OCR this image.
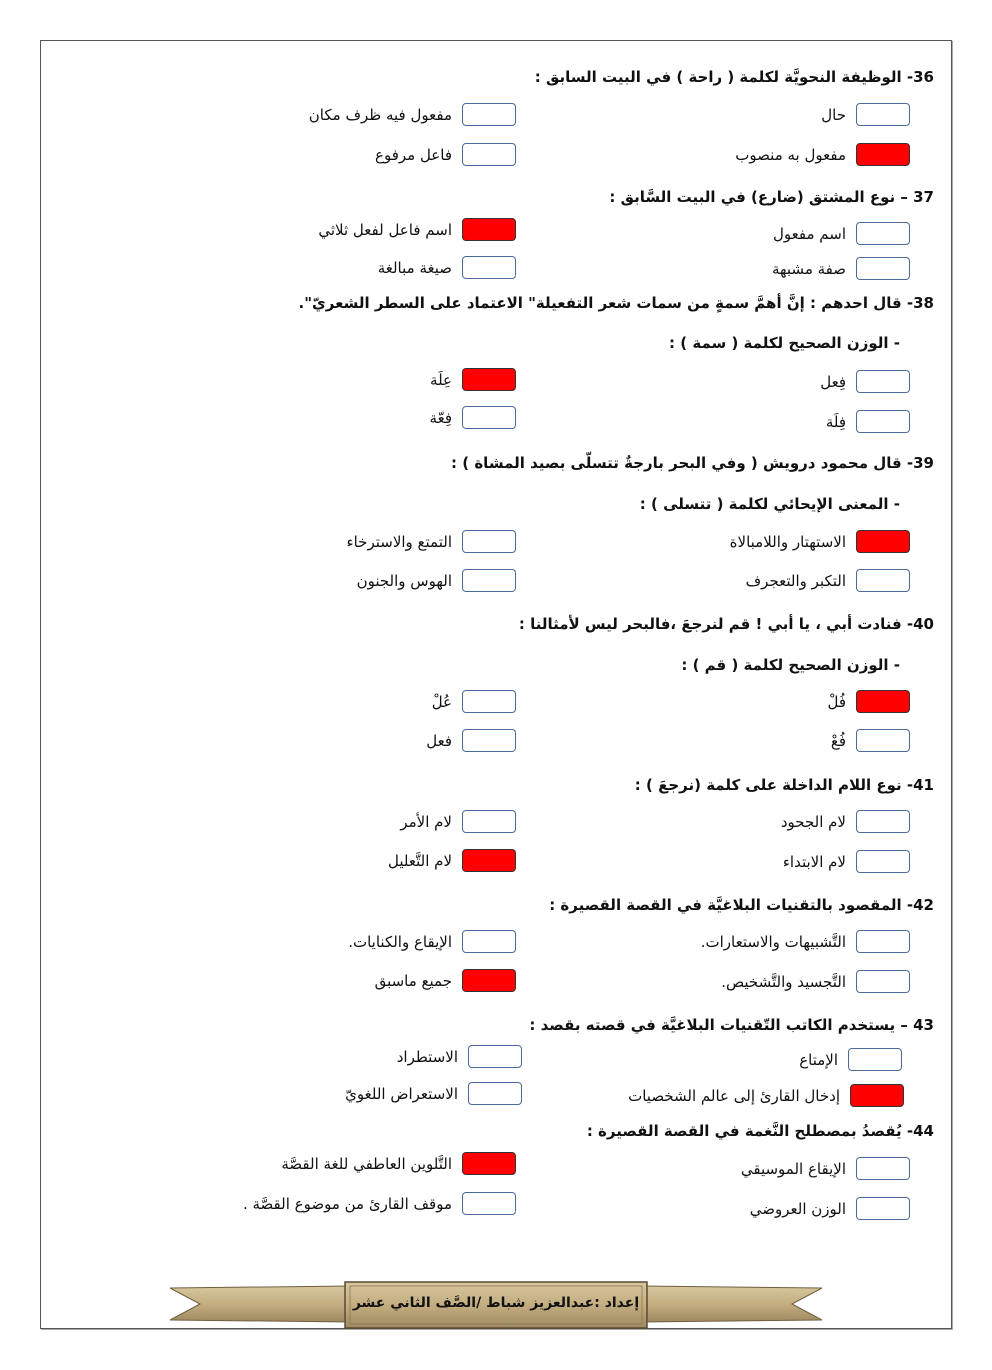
36- الوظيفة النحويَّة لكلمة ( راحة ) في البيت السابق :
حال
مفعول فيه ظرف مكان
مفعول به منصوب
فاعل مرفوع
37 – نوع المشتق (ضارع) في البيت السَّابق :
اسم مفعول
اسم فاعل لفعل ثلاثي
صفة مشبهة
صيغة مبالغة
38- قال احدهم : إنَّ أهمَّ سمةٍ من سمات شعر التفعيلة" الاعتماد على السطر الشعريّ".
- الوزن الصحيح لكلمة ( سمة ) :
فِعل
عِلَة
فِلَة
فِعّة
39- قال محمود درويش ( وفي البحر بارجةٌ تتسلّى بصيد المشاة ) :
- المعنى الإيحائي لكلمة ( تتسلى ) :
الاستهتار واللامبالاة
التمتع والاسترخاء
التكبر والتعجرف
الهوس والجنون
40- فنادت أبي ، يا أبي ! قم لنرجعَ ،فالبحر ليس لأمثالنا :
- الوزن الصحيح لكلمة ( قم ) :
فُلْ
عُلْ
فُعْ
فعل
41- نوع اللام الداخلة على كلمة (نرجعَ ) :
لام الجحود
لام الأمر
لام الابتداء
لام التَّعليل
42- المقصود بالتقنيات البلاغيَّة في القصة القصيرة :
التَّشبيهات والاستعارات.
الإيقاع والكنايات.
التَّجسيد والتَّشخيص.
جميع ماسبق
43 – يستخدم الكاتب التّقنيات البلاغيَّة في قصته بقصد :
الإمتاع
الاستطراد
إدخال القارئ إلى عالم الشخصيات
الاستعراض اللغويّ
44- يُقصدُ بمصطلح النَّغمة في القصة القصيرة :
الإيقاع الموسيقي
التَّلوين العاطفي للغة القصَّة
الوزن العروضي
موقف القارئ من موضوع القصَّة .
إعداد :عبدالعزيز شباط /الصَّف الثاني عشر
